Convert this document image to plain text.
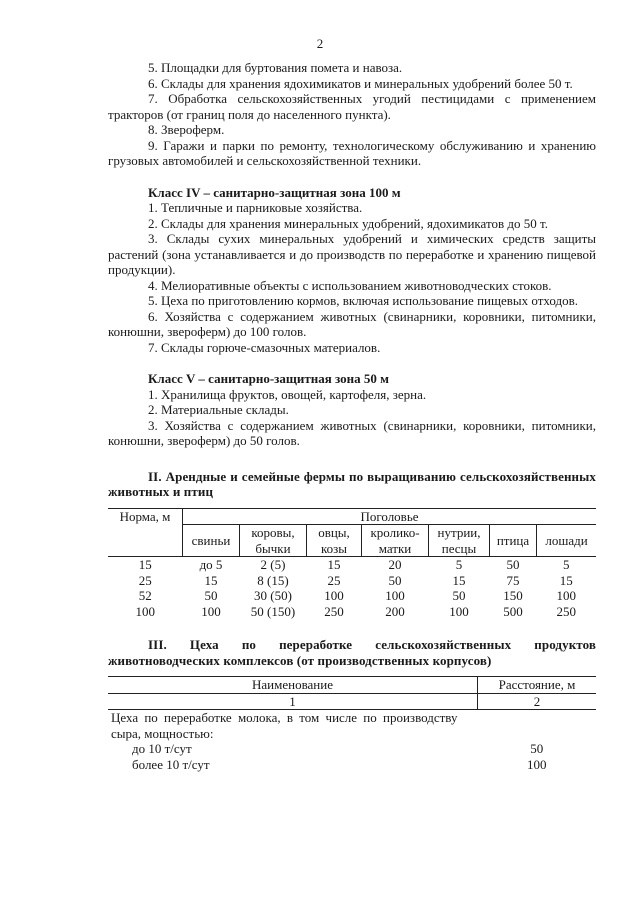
2

5. Площадки для буртования помета и навоза.

6. Склады для хранения ядохимикатов и минеральных удобрений более 50 т.

7. Обработка сельскохозяйственных угодий пестицидами с применением тракторов (от границ поля до населенного пункта).

8. Звероферм.

9. Гаражи и парки по ремонту, технологическому обслуживанию и хранению грузовых автомобилей и сельскохозяйственной техники.

Класс IV – санитарно-защитная зона 100 м

1. Тепличные и парниковые хозяйства.

2. Склады для хранения минеральных удобрений, ядохимикатов до 50 т.

3. Склады сухих минеральных удобрений и химических средств защиты растений (зона устанавливается и до производств по переработке и хранению пищевой продукции).

4. Мелиоративные объекты с использованием животноводческих стоков.

5. Цеха по приготовлению кормов, включая использование пищевых отходов.

6. Хозяйства с содержанием животных (свинарники, коровники, питомники, конюшни, звероферм) до 100 голов.

7. Склады горюче-смазочных материалов.

Класс V – санитарно-защитная зона 50 м

1. Хранилища фруктов, овощей, картофеля, зерна.

2. Материальные склады.

3. Хозяйства с содержанием животных (свинарники, коровники, питомники, конюшни, звероферм) до 50 голов.

II. Арендные и семейные фермы по выращиванию сельскохозяйственных животных и птиц

Норма, м	Поголовье						
	свиньи	коровы, бычки	овцы, козы	кролико-матки	нутрии, песцы	птица	лошади
15	до 5	2 (5)	15	20	5	50	5
25	15	8 (15)	25	50	15	75	15
52	50	30 (50)	100	100	50	150	100
100	100	50 (150)	250	200	100	500	250

III. Цеха по переработке сельскохозяйственных продуктов животноводческих комплексов (от производственных корпусов)

Наименование	Расстояние, м
1	2
Цеха по переработке молока, в том числе по производству сыра, мощностью:	
до 10 т/сут	50
более 10 т/сут	100
